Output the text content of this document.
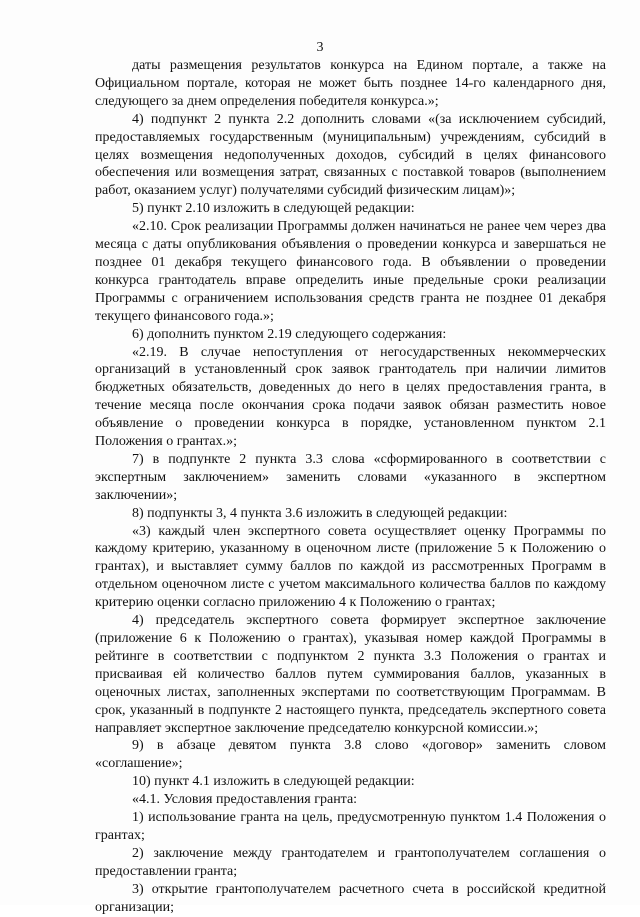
3

даты размещения результатов конкурса на Едином портале, а также на Официальном портале, которая не может быть позднее 14-го календарного дня, следующего за днем определения победителя конкурса.»;

4) подпункт 2 пункта 2.2 дополнить словами «(за исключением субсидий, предоставляемых государственным (муниципальным) учреждениям, субсидий в целях возмещения недополученных доходов, субсидий в целях финансового обеспечения или возмещения затрат, связанных с поставкой товаров (выполнением работ, оказанием услуг) получателями субсидий физическим лицам)»;

5) пункт 2.10 изложить в следующей редакции:

«2.10. Срок реализации Программы должен начинаться не ранее чем через два месяца с даты опубликования объявления о проведении конкурса и завершаться не позднее 01 декабря текущего финансового года. В объявлении о проведении конкурса грантодатель вправе определить иные предельные сроки реализации Программы с ограничением использования средств гранта не позднее 01 декабря текущего финансового года.»;

6) дополнить пунктом 2.19 следующего содержания:

«2.19. В случае непоступления от негосударственных некоммерческих организаций в установленный срок заявок грантодатель при наличии лимитов бюджетных обязательств, доведенных до него в целях предоставления гранта, в течение месяца после окончания срока подачи заявок обязан разместить новое объявление о проведении конкурса в порядке, установленном пунктом 2.1 Положения о грантах.»;

7) в подпункте 2 пункта 3.3 слова «сформированного в соответствии с экспертным заключением» заменить словами «указанного в экспертном заключении»;

8) подпункты 3, 4 пункта 3.6 изложить в следующей редакции:

«3) каждый член экспертного совета осуществляет оценку Программы по каждому критерию, указанному в оценочном листе (приложение 5 к Положению о грантах), и выставляет сумму баллов по каждой из рассмотренных Программ в отдельном оценочном листе с учетом максимального количества баллов по каждому критерию оценки согласно приложению 4 к Положению о грантах;

4) председатель экспертного совета формирует экспертное заключение (приложение 6 к Положению о грантах), указывая номер каждой Программы в рейтинге в соответствии с подпунктом 2 пункта 3.3 Положения о грантах и присваивая ей количество баллов путем суммирования баллов, указанных в оценочных листах, заполненных экспертами по соответствующим Программам. В срок, указанный в подпункте 2 настоящего пункта, председатель экспертного совета направляет экспертное заключение председателю конкурсной комиссии.»;

9) в абзаце девятом пункта 3.8 слово «договор» заменить словом «соглашение»;

10) пункт 4.1 изложить в следующей редакции:

«4.1. Условия предоставления гранта:

1) использование гранта на цель, предусмотренную пунктом 1.4 Положения о грантах;

2) заключение между грантодателем и грантополучателем соглашения о предоставлении гранта;

3) открытие грантополучателем расчетного счета в российской кредитной организации;
